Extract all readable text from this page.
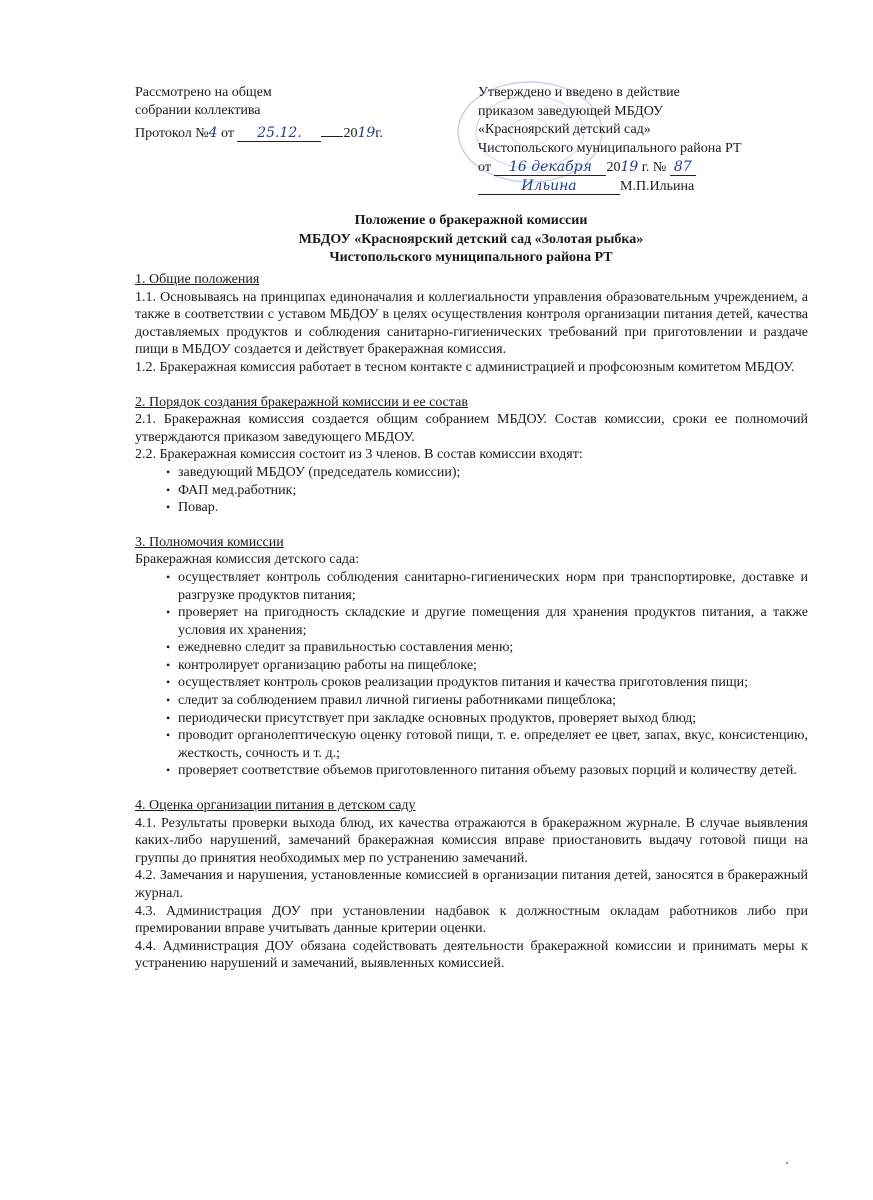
Рассмотрено на общем
собрании коллектива
Протокол №4 от 25.12.	2019г.
Утверждено и введено в действие
приказом заведующей МБДОУ
«Красноярский детский сад»
Чистопольского муниципального района РТ
от 16 декабря 2019 г. № 87
Ильина	М.П.Ильина
Положение о бракеражной комиссии
МБДОУ «Красноярский детский сад «Золотая рыбка»
Чистопольского муниципального района РТ
1. Общие положения

1.1. Основываясь на принципах единоначалия и коллегиальности управления образовательным учреждением, а также в соответствии с уставом МБДОУ в целях осуществления контроля организации питания детей, качества доставляемых продуктов и соблюдения санитарно-гигиенических требований при приготовлении и раздаче пищи в МБДОУ создается и действует бракеражная комиссия.

1.2. Бракеражная комиссия работает в тесном контакте с администрацией и профсоюзным комитетом МБДОУ.

2. Порядок создания бракеражной комиссии и ее состав

2.1. Бракеражная комиссия создается общим собранием МБДОУ. Состав комиссии, сроки ее полномочий утверждаются приказом заведующего МБДОУ.

2.2. Бракеражная комиссия состоит из 3 членов. В состав комиссии входят:

• заведующий МБДОУ (председатель комиссии);
• ФАП мед.работник;
• Повар.
3. Полномочия комиссии

Бракеражная комиссия детского сада:

• осуществляет контроль соблюдения санитарно-гигиенических норм при транспортировке, доставке и разгрузке продуктов питания;
• проверяет на пригодность складские и другие помещения для хранения продуктов питания, а также условия их хранения;
• ежедневно следит за правильностью составления меню;
• контролирует организацию работы на пищеблоке;
• осуществляет контроль сроков реализации продуктов питания и качества приготовления пищи;
• следит за соблюдением правил личной гигиены работниками пищеблока;
• периодически присутствует при закладке основных продуктов, проверяет выход блюд;
• проводит органолептическую оценку готовой пищи, т. е. определяет ее цвет, запах, вкус, консистенцию, жесткость, сочность и т. д.;
• проверяет соответствие объемов приготовленного питания объему разовых порций и количеству детей.
4. Оценка организации питания в детском саду

4.1. Результаты проверки выхода блюд, их качества отражаются в бракеражном журнале. В случае выявления каких-либо нарушений, замечаний бракеражная комиссия вправе приостановить выдачу готовой пищи на группы до принятия необходимых мер по устранению замечаний.

4.2. Замечания и нарушения, установленные комиссией в организации питания детей, заносятся в бракеражный журнал.

4.3. Администрация ДОУ при установлении надбавок к должностным окладам работников либо при премировании вправе учитывать данные критерии оценки.

4.4. Администрация ДОУ обязана содействовать деятельности бракеражной комиссии и принимать меры к устранению нарушений и замечаний, выявленных комиссией.
